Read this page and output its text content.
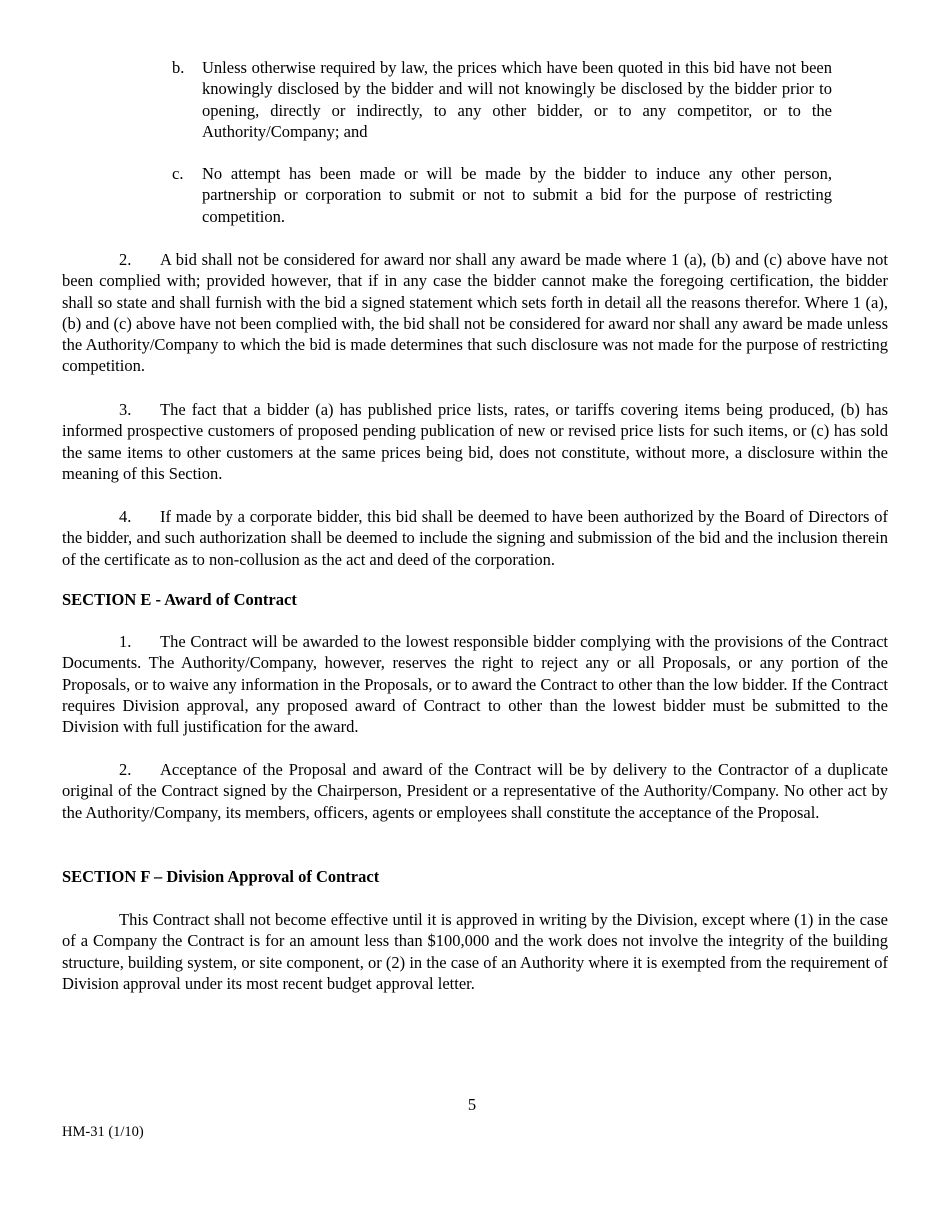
b. Unless otherwise required by law, the prices which have been quoted in this bid have not been knowingly disclosed by the bidder and will not knowingly be disclosed by the bidder prior to opening, directly or indirectly, to any other bidder, or to any competitor, or to the Authority/Company; and
c. No attempt has been made or will be made by the bidder to induce any other person, partnership or corporation to submit or not to submit a bid for the purpose of restricting competition.
2. A bid shall not be considered for award nor shall any award be made where 1 (a), (b) and (c) above have not been complied with; provided however, that if in any case the bidder cannot make the foregoing certification, the bidder shall so state and shall furnish with the bid a signed statement which sets forth in detail all the reasons therefor. Where 1 (a), (b) and (c) above have not been complied with, the bid shall not be considered for award nor shall any award be made unless the Authority/Company to which the bid is made determines that such disclosure was not made for the purpose of restricting competition.
3. The fact that a bidder (a) has published price lists, rates, or tariffs covering items being produced, (b) has informed prospective customers of proposed pending publication of new or revised price lists for such items, or (c) has sold the same items to other customers at the same prices being bid, does not constitute, without more, a disclosure within the meaning of this Section.
4. If made by a corporate bidder, this bid shall be deemed to have been authorized by the Board of Directors of the bidder, and such authorization shall be deemed to include the signing and submission of the bid and the inclusion therein of the certificate as to non-collusion as the act and deed of the corporation.
SECTION E - Award of Contract
1. The Contract will be awarded to the lowest responsible bidder complying with the provisions of the Contract Documents. The Authority/Company, however, reserves the right to reject any or all Proposals, or any portion of the Proposals, or to waive any information in the Proposals, or to award the Contract to other than the low bidder. If the Contract requires Division approval, any proposed award of Contract to other than the lowest bidder must be submitted to the Division with full justification for the award.
2. Acceptance of the Proposal and award of the Contract will be by delivery to the Contractor of a duplicate original of the Contract signed by the Chairperson, President or a representative of the Authority/Company. No other act by the Authority/Company, its members, officers, agents or employees shall constitute the acceptance of the Proposal.
SECTION F – Division Approval of Contract
This Contract shall not become effective until it is approved in writing by the Division, except where (1) in the case of a Company the Contract is for an amount less than $100,000 and the work does not involve the integrity of the building structure, building system, or site component, or (2) in the case of an Authority where it is exempted from the requirement of Division approval under its most recent budget approval letter.
5
HM-31 (1/10)
